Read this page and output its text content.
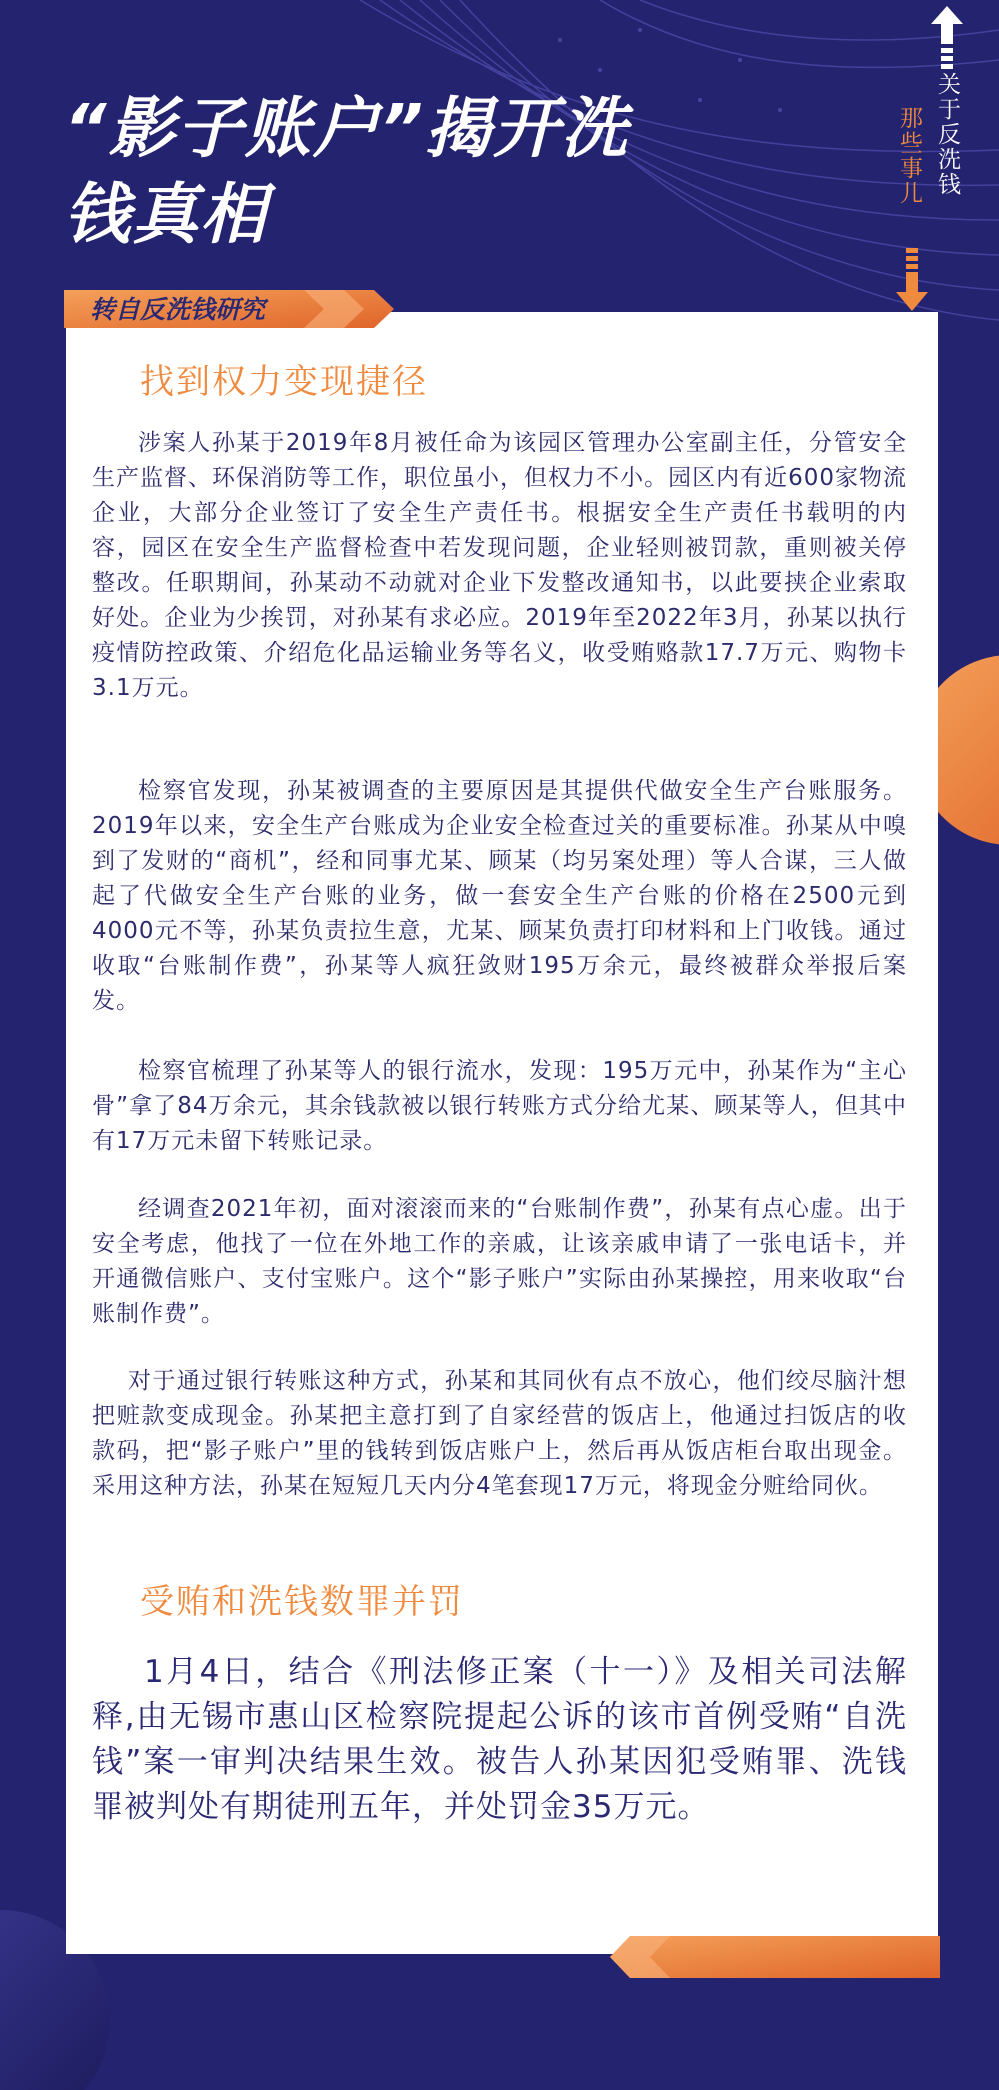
“影子账户”揭开洗
钱真相
关于反洗钱
那些事儿
转自反洗钱研究
找到权力变现捷径

涉案人孙某于2019年8月被任命为该园区管理办公室副主任，分管安全生产监督、环保消防等工作，职位虽小，但权力不小。园区内有近600家物流企业，大部分企业签订了安全生产责任书。根据安全生产责任书载明的内容，园区在安全生产监督检查中若发现问题，企业轻则被罚款，重则被关停整改。任职期间，孙某动不动就对企业下发整改通知书，以此要挟企业索取好处。企业为少挨罚，对孙某有求必应。2019年至2022年3月，孙某以执行疫情防控政策、介绍危化品运输业务等名义，收受贿赂款17.7万元、购物卡3.1万元。

检察官发现，孙某被调查的主要原因是其提供代做安全生产台账服务。2019年以来，安全生产台账成为企业安全检查过关的重要标准。孙某从中嗅到了发财的“商机”，经和同事尤某、顾某（均另案处理）等人合谋，三人做起了代做安全生产台账的业务，做一套安全生产台账的价格在2500元到4000元不等，孙某负责拉生意，尤某、顾某负责打印材料和上门收钱。通过收取“台账制作费”，孙某等人疯狂敛财195万余元，最终被群众举报后案发。

检察官梳理了孙某等人的银行流水，发现：195万元中，孙某作为“主心骨”拿了84万余元，其余钱款被以银行转账方式分给尤某、顾某等人，但其中有17万元未留下转账记录。

经调查2021年初，面对滚滚而来的“台账制作费”，孙某有点心虚。出于安全考虑，他找了一位在外地工作的亲戚，让该亲戚申请了一张电话卡，并开通微信账户、支付宝账户。这个“影子账户”实际由孙某操控，用来收取“台账制作费”。

对于通过银行转账这种方式，孙某和其同伙有点不放心，他们绞尽脑汁想把赃款变成现金。孙某把主意打到了自家经营的饭店上，他通过扫饭店的收款码，把“影子账户”里的钱转到饭店账户上，然后再从饭店柜台取出现金。采用这种方法，孙某在短短几天内分4笔套现17万元，将现金分赃给同伙。

受贿和洗钱数罪并罚

1月4日，结合《刑法修正案（十一）》及相关司法解释,由无锡市惠山区检察院提起公诉的该市首例受贿“自洗钱”案一审判决结果生效。被告人孙某因犯受贿罪、洗钱罪被判处有期徒刑五年，并处罚金35万元。
